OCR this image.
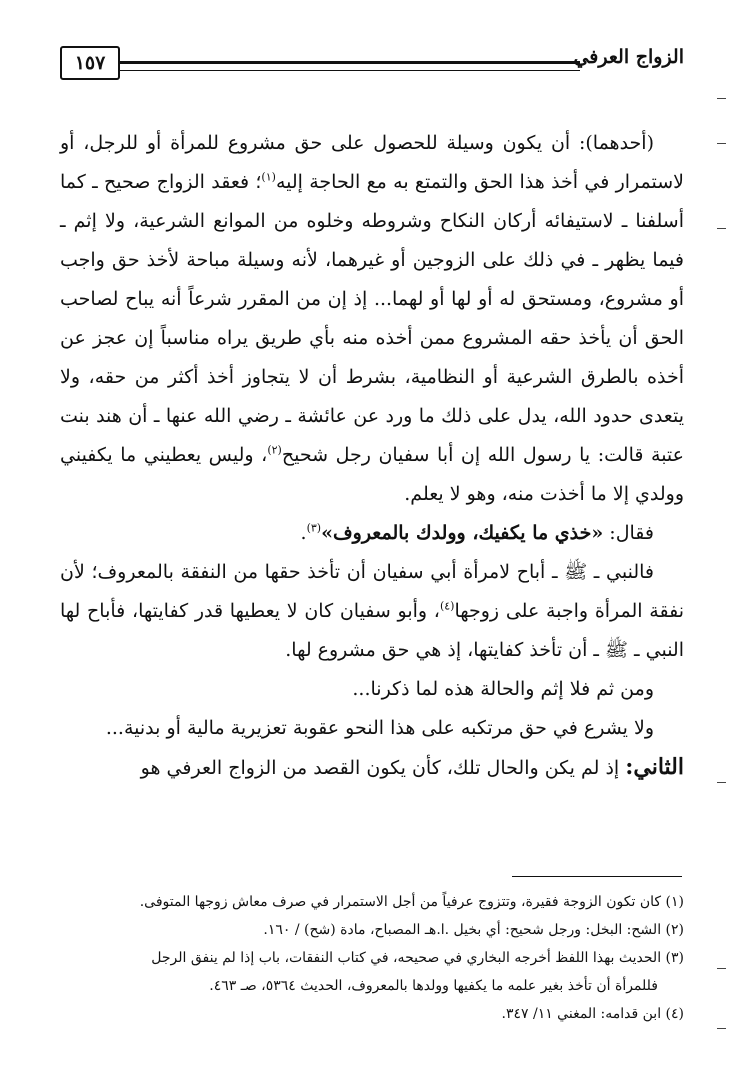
الزواج العرفي
١٥٧

(أحدهما): أن يكون وسيلة للحصول على حق مشروع للمرأة أو للرجل، أو لاستمرار في أخذ هذا الحق والتمتع به مع الحاجة إليه$^{(١)}$؛ فعقد الزواج صحيح ـ كما أسلفنا ـ لاستيفائه أركان النكاح وشروطه وخلوه من الموانع الشرعية، ولا إثم ـ فيما يظهر ـ في ذلك على الزوجين أو غيرهما، لأنه وسيلة مباحة لأخذ حق واجب أو مشروع، ومستحق له أو لها أو لهما... إذ إن من المقرر شرعاً أنه يباح لصاحب الحق أن يأخذ حقه المشروع ممن أخذه منه بأي طريق يراه مناسباً إن عجز عن أخذه بالطرق الشرعية أو النظامية، بشرط أن لا يتجاوز أخذ أكثر من حقه، ولا يتعدى حدود الله، يدل على ذلك ما ورد عن عائشة ـ رضي الله عنها ـ أن هند بنت عتبة قالت: يا رسول الله إن أبا سفيان رجل شحيح$^{(٢)}$، وليس يعطيني ما يكفيني وولدي إلا ما أخذت منه، وهو لا يعلم.

فقال: «خذي ما يكفيك، وولدك بالمعروف»$^{(٣)}$.

فالنبي ـ ﷺ ـ أباح لامرأة أبي سفيان أن تأخذ حقها من النفقة بالمعروف؛ لأن نفقة المرأة واجبة على زوجها$^{(٤)}$، وأبو سفيان كان لا يعطيها قدر كفايتها، فأباح لها النبي ـ ﷺ ـ أن تأخذ كفايتها، إذ هي حق مشروع لها.

ومن ثم فلا إثم والحالة هذه لما ذكرنا...

ولا يشرع في حق مرتكبه على هذا النحو عقوبة تعزيرية مالية أو بدنية...

الثاني: إذ لم يكن والحال تلك، كأن يكون القصد من الزواج العرفي هو

(١) كان تكون الزوجة فقيرة، وتتزوج عرفياً من أجل الاستمرار في صرف معاش زوجها المتوفى.

(٢) الشح: البخل: ورجل شحيح: أي بخيل .ا.هـ المصباح، مادة (شح) / ١٦٠.

(٣) الحديث بهذا اللفظ أخرجه البخاري في صحيحه، في كتاب النفقات، باب إذا لم ينفق الرجل

فللمرأة أن تأخذ بغير علمه ما يكفيها وولدها بالمعروف، الحديث ٥٣٦٤، صـ ٤٦٣.

(٤) ابن قدامه: المغني ١١/ ٣٤٧.
